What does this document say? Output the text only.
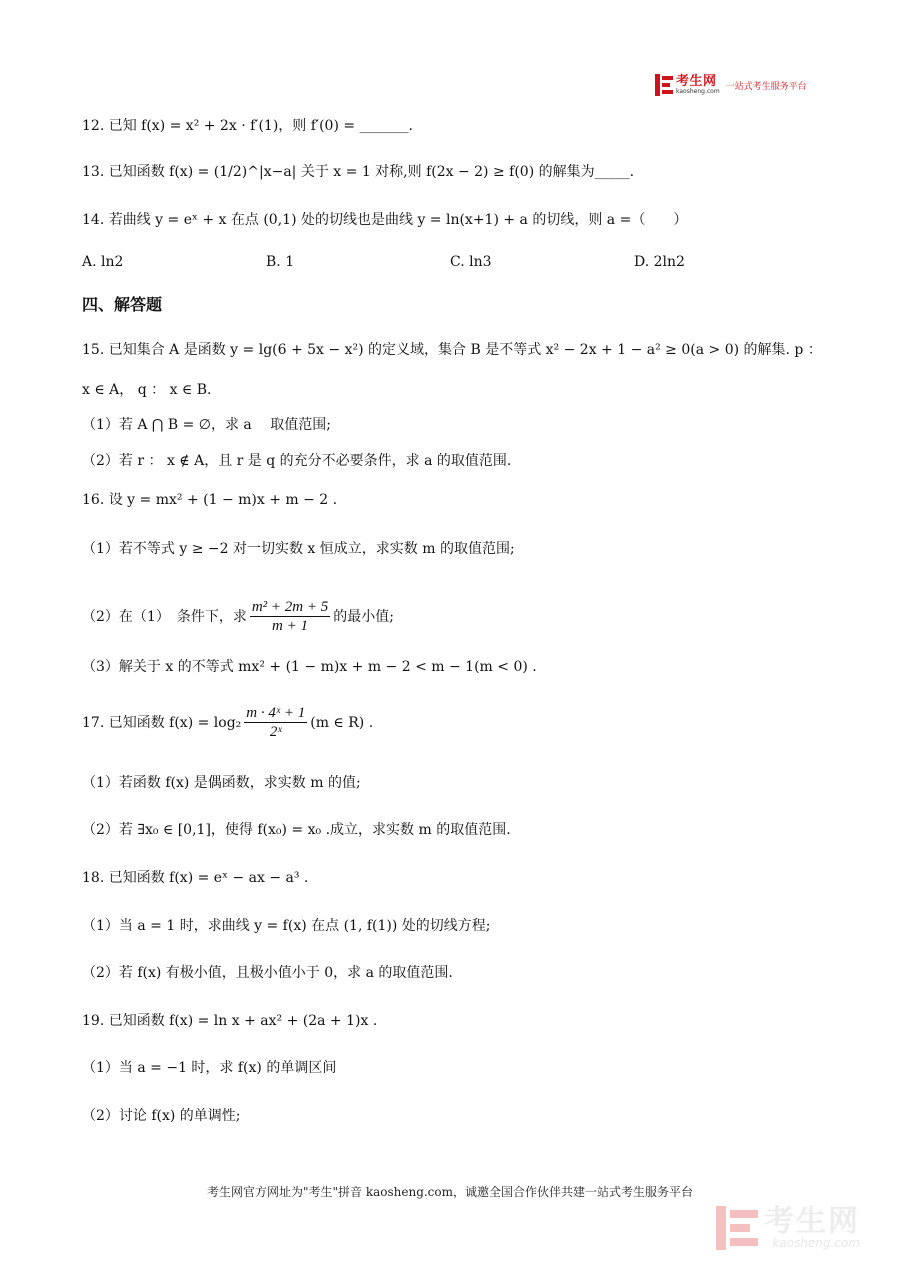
考生网
kaosheng.com 一站式考生服务平台
12. 已知 f(x) = x² + 2x · f′(1)，则 f′(0) = _______.
13. 已知函数 f(x) = (1/2)^|x−a| 关于 x = 1 对称,则 f(2x − 2) ≥ f(0) 的解集为_____.
14. 若曲线 y = eˣ + x 在点 (0,1) 处的切线也是曲线 y = ln(x+1) + a 的切线，则 a =（　　）
A. ln2	B. 1	C. ln3	D. 2ln2
四、解答题
15. 已知集合 A 是函数 y = lg(6 + 5x − x²) 的定义域，集合 B 是不等式 x² − 2x + 1 − a² ≥ 0(a > 0) 的解集. p ：
x ∈ A， q ： x ∈ B.
（1）若 A ⋂ B = ∅，求 a 　取值范围;
（2）若 r ： x ∉ A，且 r 是 q 的充分不必要条件，求 a 的取值范围.
16. 设 y = mx² + (1 − m)x + m − 2 .
（1）若不等式 y ≥ −2 对一切实数 x 恒成立，求实数 m 的取值范围;
（2）在（1）　条件下，求 $\frac{\text{m² + 2m + 5}}{m + 1}$ 的最小值;
（3）解关于 x 的不等式 mx² + (1 − m)x + m − 2 < m − 1(m < 0) .
17. 已知函数 $f(x) = \log_2 \frac{\text{m · 4ˣ + 1}}{\text{2ˣ}} (m$ ∈ R) .
（1）若函数 f(x) 是偶函数，求实数 m 的值;
（2）若 ∃x₀ ∈ [0,1]，使得 f(x₀) = x₀ .成立，求实数 m 的取值范围.
18. 已知函数 f(x) = eˣ − ax − a³ .
（1）当 a = 1 时，求曲线 y = f(x) 在点 (1, f(1)) 处的切线方程;
（2）若 f(x) 有极小值，且极小值小于 0，求 a 的取值范围.
19. 已知函数 f(x) = ln x + ax² + (2a + 1)x .
（1）当 a = −1 时，求 f(x) 的单调区间
（2）讨论 f(x) 的单调性;
考生网官方网址为"考生"拼音 kaosheng.com，诚邀全国合作伙伴共建一站式考生服务平台
考生网
kaosheng.com
